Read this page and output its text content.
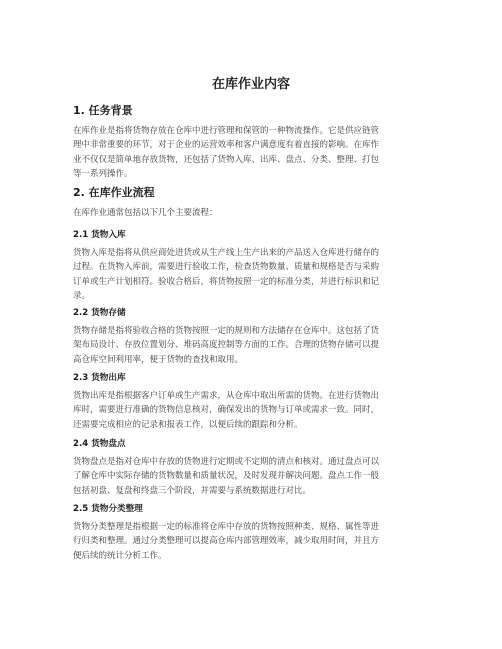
在库作业内容
1. 任务背景
在库作业是指将货物存放在仓库中进行管理和保管的一种物流操作。它是供应链管
理中非常重要的环节，对于企业的运营效率和客户满意度有着直接的影响。在库作
业不仅仅是简单地存放货物，还包括了货物入库、出库、盘点、分类、整理、打包
等一系列操作。
2. 在库作业流程
在库作业通常包括以下几个主要流程：
2.1 货物入库
货物入库是指将从供应商处进货或从生产线上生产出来的产品送入仓库进行储存的
过程。在货物入库前，需要进行验收工作，检查货物数量、质量和规格是否与采购
订单或生产计划相符。验收合格后，将货物按照一定的标准分类，并进行标识和记
录。
2.2 货物存储
货物存储是指将验收合格的货物按照一定的规则和方法储存在仓库中。这包括了货
架布局设计、存放位置划分、堆码高度控制等方面的工作。合理的货物存储可以提
高仓库空间利用率，便于货物的查找和取用。
2.3 货物出库
货物出库是指根据客户订单或生产需求，从仓库中取出所需的货物。在进行货物出
库时，需要进行准确的货物信息核对，确保发出的货物与订单或需求一致。同时，
还需要完成相应的记录和报表工作，以便后续的跟踪和分析。
2.4 货物盘点
货物盘点是指对仓库中存放的货物进行定期或不定期的清点和核对。通过盘点可以
了解仓库中实际存储的货物数量和质量状况，及时发现并解决问题。盘点工作一般
包括初盘、复盘和终盘三个阶段，并需要与系统数据进行对比。
2.5 货物分类整理
货物分类整理是指根据一定的标准将仓库中存放的货物按照种类、规格、属性等进
行归类和整理。通过分类整理可以提高仓库内部管理效率，减少取用时间，并且方
便后续的统计分析工作。
